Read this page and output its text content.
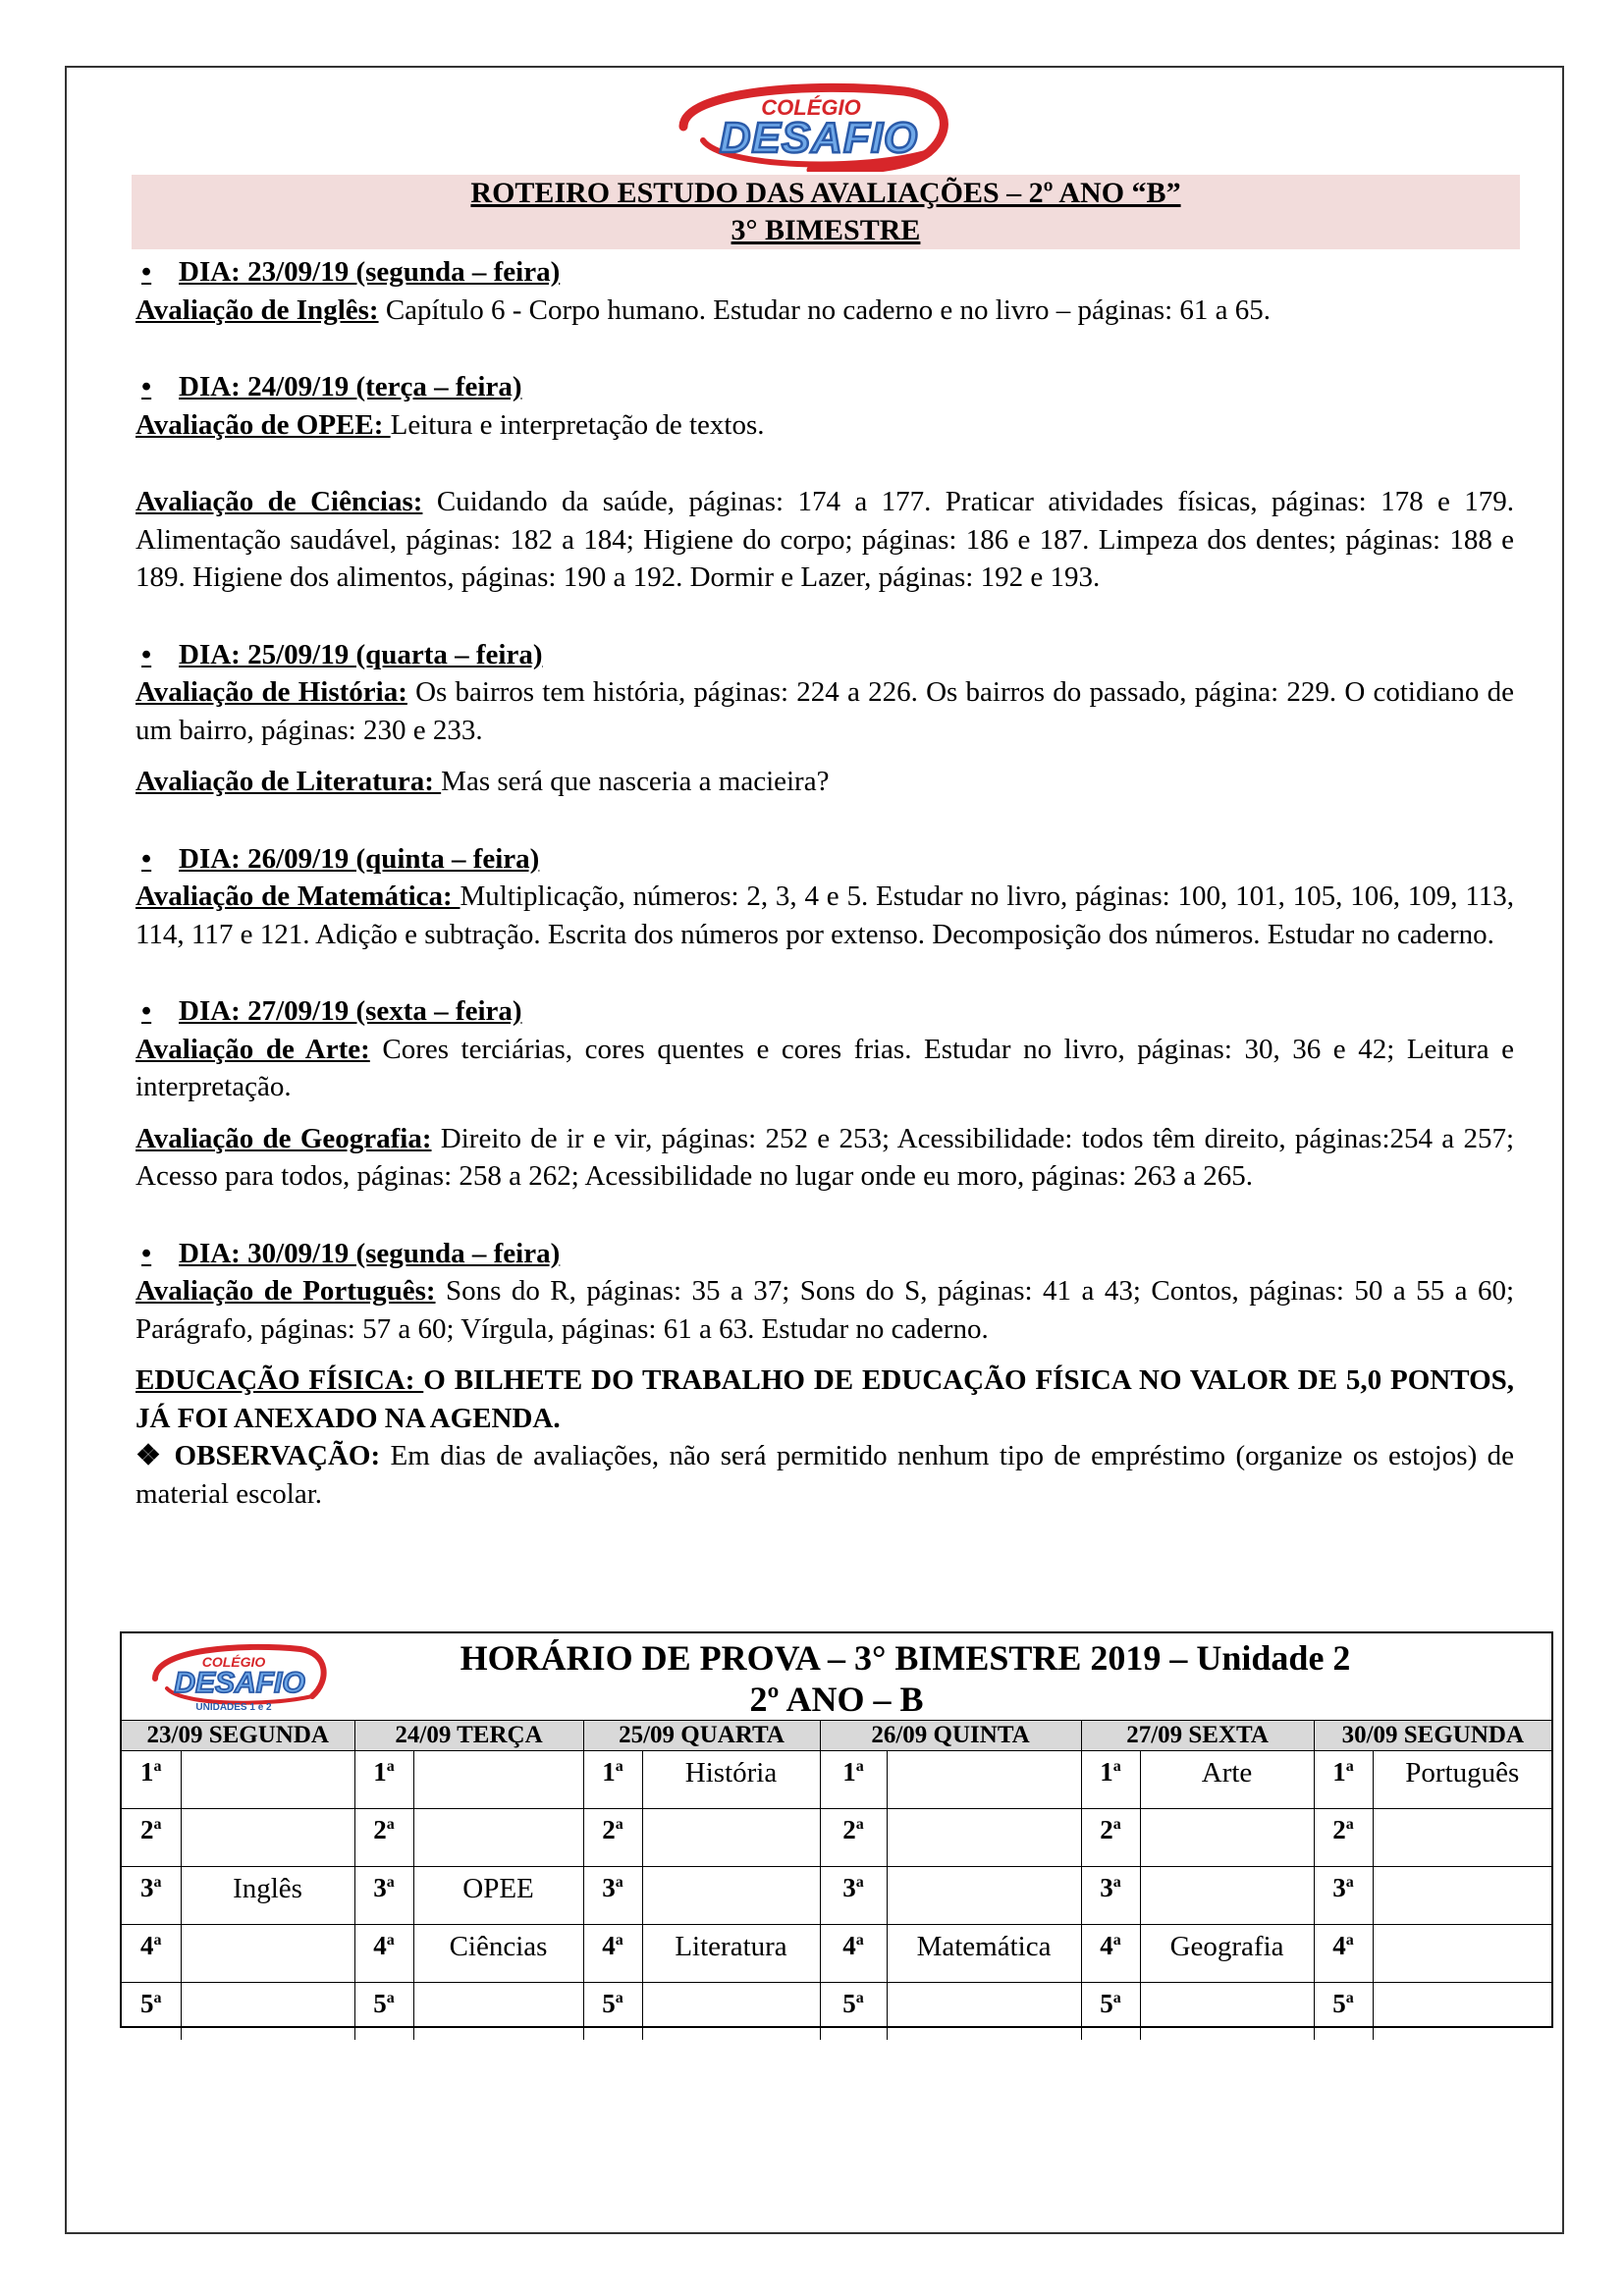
COLÉGIO
DESAFIO
ROTEIRO ESTUDO DAS AVALIAÇÕES – 2º ANO “B”
3° BIMESTRE
• DIA: 23/09/19 (segunda – feira)

Avaliação de Inglês: Capítulo 6 - Corpo humano. Estudar no caderno e no livro – páginas: 61 a 65.

• DIA: 24/09/19 (terça – feira)

Avaliação de OPEE: Leitura e interpretação de textos.

Avaliação de Ciências: Cuidando da saúde, páginas: 174 a 177. Praticar atividades físicas, páginas: 178 e 179. Alimentação saudável, páginas: 182 a 184; Higiene do corpo; páginas: 186 e 187. Limpeza dos dentes; páginas: 188 e 189. Higiene dos alimentos, páginas: 190 a 192. Dormir e Lazer, páginas: 192 e 193.

• DIA: 25/09/19 (quarta – feira)

Avaliação de História: Os bairros tem história, páginas: 224 a 226. Os bairros do passado, página: 229. O cotidiano de um bairro, páginas: 230 e 233.

Avaliação de Literatura: Mas será que nasceria a macieira?

• DIA: 26/09/19 (quinta – feira)

Avaliação de Matemática: Multiplicação, números: 2, 3, 4 e 5. Estudar no livro, páginas: 100, 101, 105, 106, 109, 113, 114, 117 e 121. Adição e subtração. Escrita dos números por extenso. Decomposição dos números. Estudar no caderno.

• DIA: 27/09/19 (sexta – feira)

Avaliação de Arte: Cores terciárias, cores quentes e cores frias. Estudar no livro, páginas: 30, 36 e 42; Leitura e interpretação.

Avaliação de Geografia: Direito de ir e vir, páginas: 252 e 253; Acessibilidade: todos têm direito, páginas:254 a 257; Acesso para todos, páginas: 258 a 262; Acessibilidade no lugar onde eu moro, páginas: 263 a 265.

• DIA: 30/09/19 (segunda – feira)

Avaliação de Português: Sons do R, páginas: 35 a 37; Sons do S, páginas: 41 a 43; Contos, páginas: 50 a 55 a 60; Parágrafo, páginas: 57 a 60; Vírgula, páginas: 61 a 63. Estudar no caderno.

EDUCAÇÃO FÍSICA: O BILHETE DO TRABALHO DE EDUCAÇÃO FÍSICA NO VALOR DE 5,0 PONTOS, JÁ FOI ANEXADO NA AGENDA.

❖ OBSERVAÇÃO: Em dias de avaliações, não será permitido nenhum tipo de empréstimo (organize os estojos) de material escolar.

COLÉGIO
DESAFIO
UNIDADES 1 e 2
HORÁRIO DE PROVA – 3° BIMESTRE 2019 – Unidade 2
2º ANO – B
23/09 SEGUNDA		24/09 TERÇA		25/09 QUARTA		26/09 QUINTA		27/09 SEXTA		30/09 SEGUNDA	
1$^a$		1$^a$		1$^a$	História	1$^a$		1$^a$	Arte	1$^a$	Português
2$^a$		2$^a$		2$^a$		2$^a$		2$^a$		2$^a$	
3$^a$	Inglês	3$^a$	OPEE	3$^a$		3$^a$		3$^a$		3$^a$	
4$^a$		4$^a$	Ciências	4$^a$	Literatura	4$^a$	Matemática	4$^a$	Geografia	4$^a$	
5$^a$		5$^a$		5$^a$		5$^a$		5$^a$		5$^a$	
